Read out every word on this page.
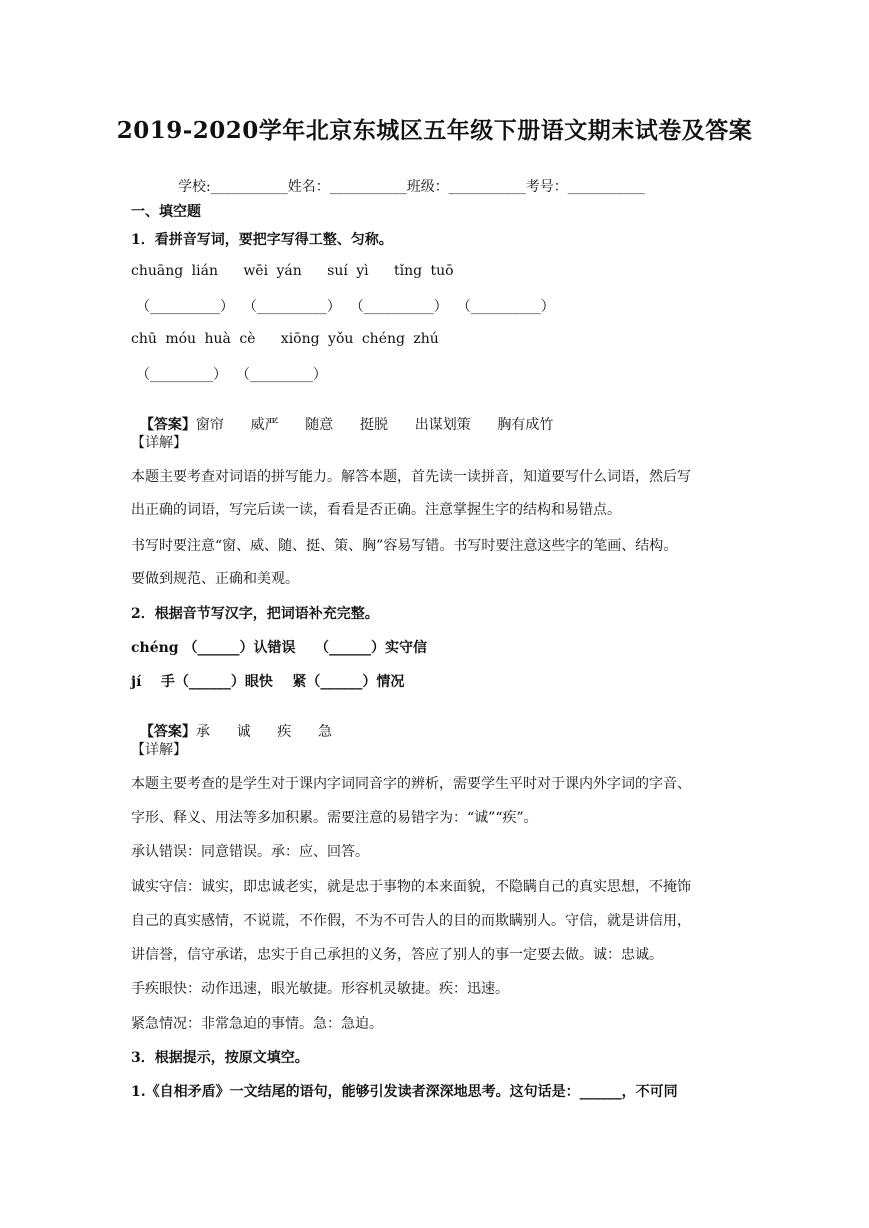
2019-2020学年北京东城区五年级下册语文期末试卷及答案
学校:___________姓名：___________班级：___________考号：___________
一、填空题
1．看拼音写词，要把字写得工整、匀称。
chuāng lián   wēi yán   suí yì   tǐng tuō
（__________）  （__________）  （__________）  （__________）
chū móu huà cè   xiōng yǒu chéng zhú
（_________）  （_________）

【答案】窗帘      威严      随意      挺脱      出谋划策      胸有成竹

【详解】
本题主要考查对词语的拼写能力。解答本题，首先读一读拼音，知道要写什么词语，然后写
出正确的词语，写完后读一读，看看是否正确。注意掌握生字的结构和易错点。
书写时要注意“窗、威、随、挺、策、胸”容易写错。书写时要注意这些字的笔画、结构。
要做到规范、正确和美观。
2．根据音节写汉字，把词语补充完整。
chéng （______）认错误    （______）实守信
jí    手（______）眼快    紧（______）情况

【答案】承      诚      疾      急

【详解】
本题主要考查的是学生对于课内字词同音字的辨析，需要学生平时对于课内外字词的字音、
字形、释义、用法等多加积累。需要注意的易错字为：“诚”“疾”。
承认错误：同意错误。承：应、回答。
诚实守信：诚实，即忠诚老实，就是忠于事物的本来面貌，不隐瞒自己的真实思想，不掩饰
自己的真实感情，不说谎，不作假，不为不可告人的目的而欺瞒别人。守信，就是讲信用，
讲信誉，信守承诺，忠实于自己承担的义务，答应了别人的事一定要去做。诚：忠诚。
手疾眼快：动作迅速，眼光敏捷。形容机灵敏捷。疾：迅速。
紧急情况：非常急迫的事情。急：急迫。
3．根据提示，按原文填空。
1.《自相矛盾》一文结尾的语句，能够引发读者深深地思考。这句话是：______，不可同
